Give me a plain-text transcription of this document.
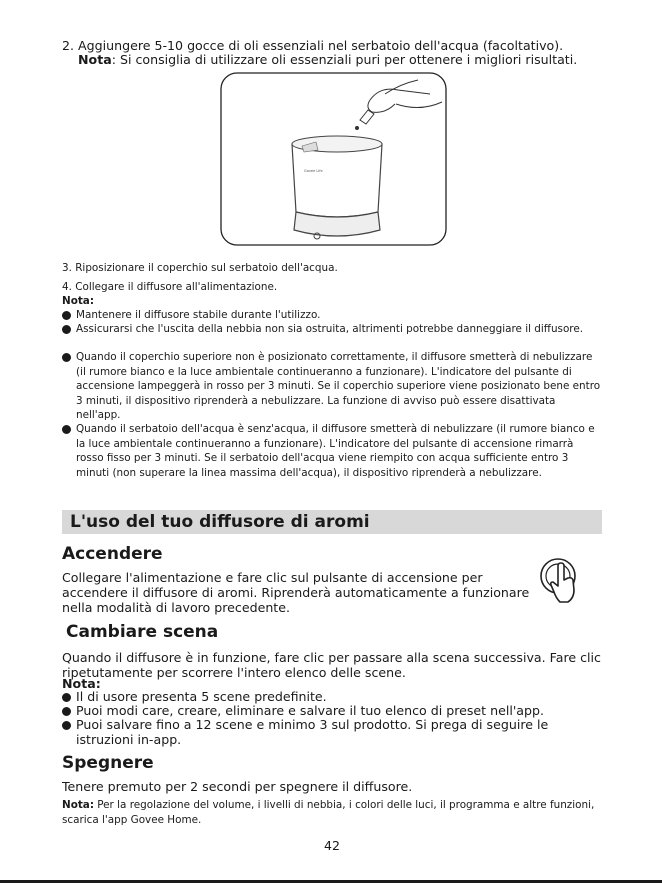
2. Aggiungere 5-10 gocce di oli essenziali nel serbatoio dell'acqua (facoltativo).
Nota: Si consiglia di utilizzare oli essenziali puri per ottenere i migliori risultati.
Govee Life
3. Riposizionare il coperchio sul serbatoio dell'acqua.
4. Collegare il diffusore all'alimentazione.
Nota:
Mantenere il diffusore stabile durante l'utilizzo.
Assicurarsi che l'uscita della nebbia non sia ostruita, altrimenti potrebbe danneggiare il diffusore.
Quando il coperchio superiore non è posizionato correttamente, il diffusore smetterà di nebulizzare (il rumore bianco e la luce ambientale continueranno a funzionare). L'indicatore del pulsante di accensione lampeggerà in rosso per 3 minuti. Se il coperchio superiore viene posizionato bene entro 3 minuti, il dispositivo riprenderà a nebulizzare. La funzione di avviso può essere disattivata nell'app.
Quando il serbatoio dell'acqua è senz'acqua, il diffusore smetterà di nebulizzare (il rumore bianco e la luce ambientale continueranno a funzionare). L'indicatore del pulsante di accensione rimarrà rosso fisso per 3 minuti. Se il serbatoio dell'acqua viene riempito con acqua sufficiente entro 3 minuti (non superare la linea massima dell'acqua), il dispositivo riprenderà a nebulizzare.
L'uso del tuo diffusore di aromi
Accendere
Collegare l'alimentazione e fare clic sul pulsante di accensione per accendere il diffusore di aromi. Riprenderà automaticamente a funzionare nella modalità di lavoro precedente.
Cambiare scena
Quando il diffusore è in funzione, fare clic per passare alla scena successiva. Fare clic ripetutamente per scorrere l'intero elenco delle scene.
Nota:
Il di usore presenta 5 scene predefinite.
Puoi modi care, creare, eliminare e salvare il tuo elenco di preset nell'app.
Puoi salvare fino a 12 scene e minimo 3 sul prodotto. Si prega di seguire le istruzioni in-app.
Spegnere
Tenere premuto per 2 secondi per spegnere il diffusore.
Nota: Per la regolazione del volume, i livelli di nebbia, i colori delle luci, il programma e altre funzioni, scarica l'app Govee Home.
42
